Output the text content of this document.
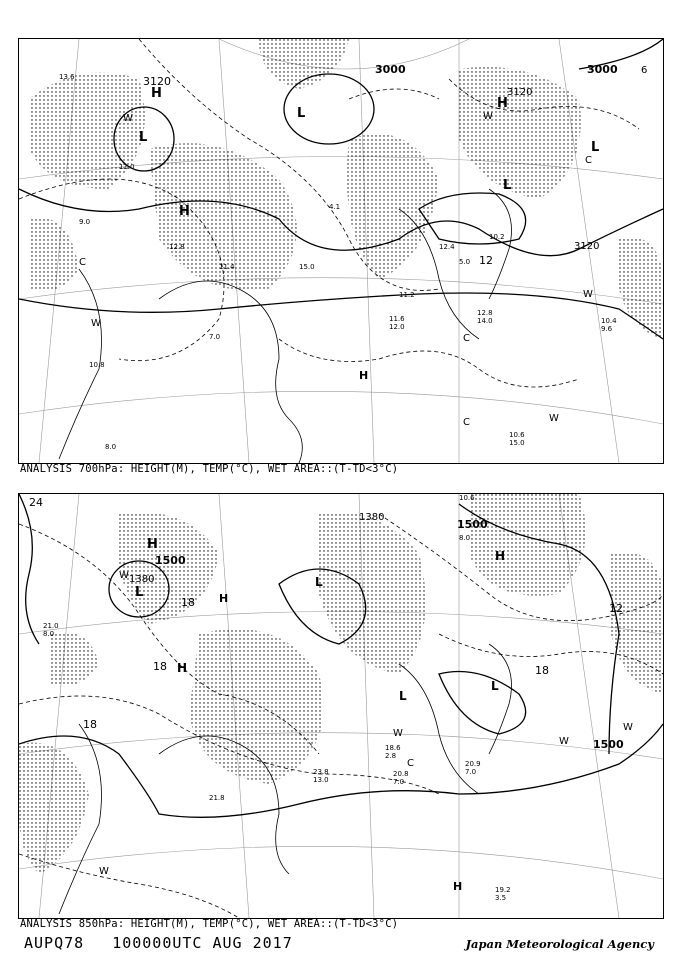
H
L
H
L
H
L
L
H
3120
3000
3120
3000
3120
12
6
W
W
W
W
W
C
C
C
C
13.6
11.0
12.8
11.4
4.1
10.8
9.0
8.0
11.2
15.0
12.4
5.0
10.6
15.0
12.8
14.0	10.4
9.6
11.6
12.0
10.2
7.0
ANALYSIS 700hPa: HEIGHT(M), TEMP(°C), WET AREA::(T-TD<3°C)
H
L	H
H
L
L
H
L
H
1500
1380
1500
1380
1500
24
18
18
18
18
12
W
W
W
W
C
W
21.0
8.0
19.2
3.5
20.9
7.0
18.6
2.8
23.8
13.0
21.8
10.6
8.0
20.8
7.0
ANALYSIS 850hPa: HEIGHT(M), TEMP(°C), WET AREA::(T-TD<3°C)
AUPQ78 100000UTC AUG 2017	Japan Meteorological Agency
